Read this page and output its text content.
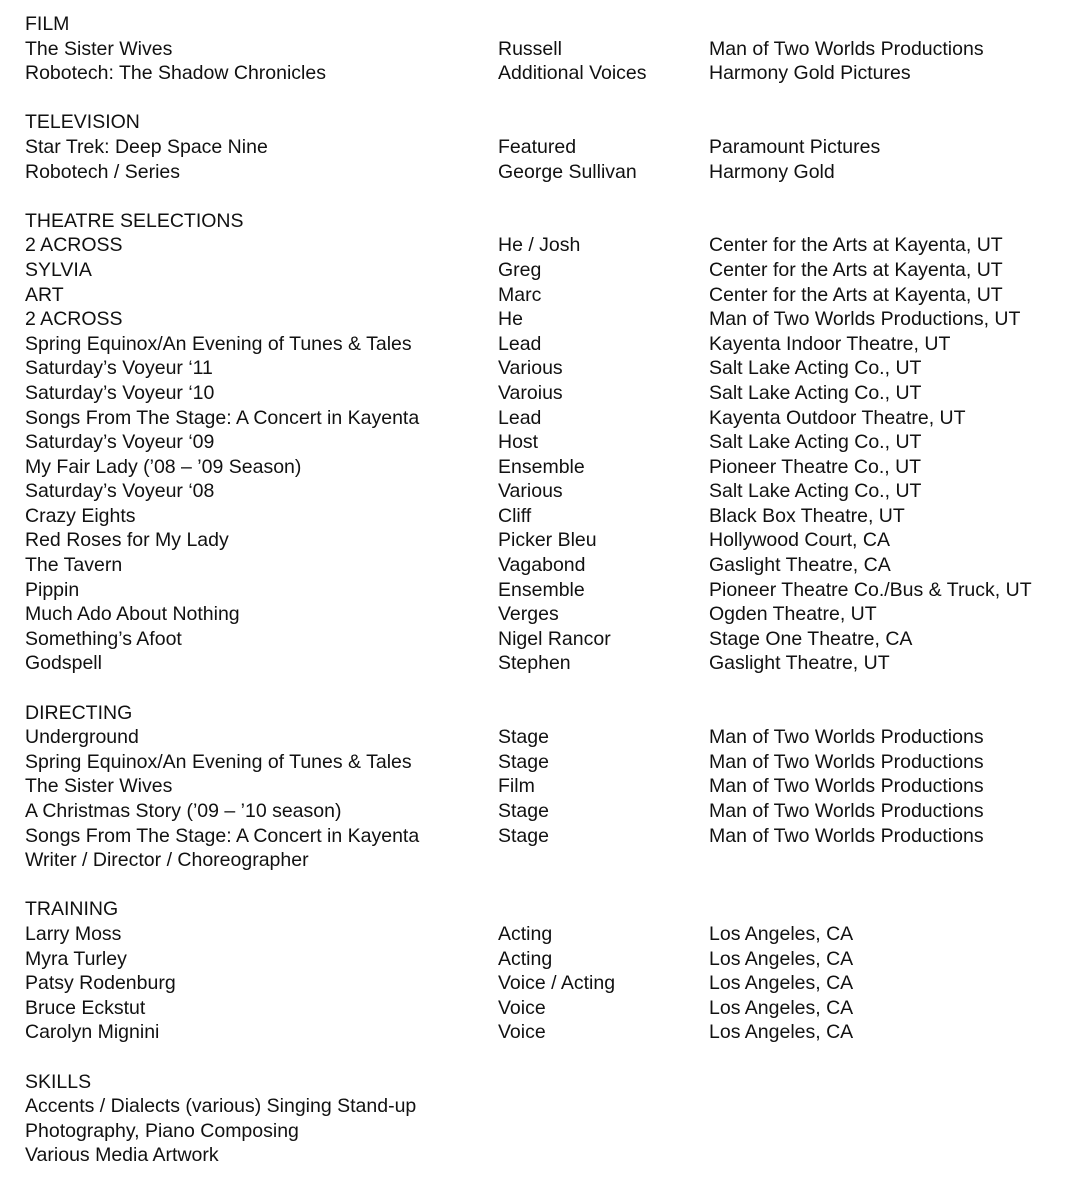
FILM
The Sister Wives	Russell	Man of Two Worlds Productions
Robotech: The Shadow Chronicles	Additional Voices	Harmony Gold Pictures
TELEVISION
Star Trek: Deep Space Nine	Featured	Paramount Pictures
Robotech / Series	George Sullivan	Harmony Gold
THEATRE SELECTIONS
2 ACROSS	He / Josh	Center for the Arts at Kayenta, UT
SYLVIA	Greg	Center for the Arts at Kayenta, UT
ART	Marc	Center for the Arts at Kayenta, UT
2 ACROSS	He	Man of Two Worlds Productions, UT
Spring Equinox/An Evening of Tunes & Tales	Lead	Kayenta Indoor Theatre, UT
Saturday’s Voyeur ‘11	Various	Salt Lake Acting Co., UT
Saturday’s Voyeur ‘10	Varoius	Salt Lake Acting Co., UT
Songs From The Stage: A Concert in Kayenta	Lead	Kayenta Outdoor Theatre, UT
Saturday’s Voyeur ‘09	Host	Salt Lake Acting Co., UT
My Fair Lady (’08 – ’09 Season)	Ensemble	Pioneer Theatre Co., UT
Saturday’s Voyeur ‘08	Various	Salt Lake Acting Co., UT
Crazy Eights	Cliff	Black Box Theatre, UT
Red Roses for My Lady	Picker Bleu	Hollywood Court, CA
The Tavern	Vagabond	Gaslight Theatre, CA
Pippin	Ensemble	Pioneer Theatre Co./Bus & Truck, UT
Much Ado About Nothing	Verges	Ogden Theatre, UT
Something’s Afoot	Nigel Rancor	Stage One Theatre, CA
Godspell	Stephen	Gaslight Theatre, UT
DIRECTING
Underground	Stage	Man of Two Worlds Productions
Spring Equinox/An Evening of Tunes & Tales	Stage	Man of Two Worlds Productions
The Sister Wives	Film	Man of Two Worlds Productions
A Christmas Story (’09 – ’10 season)	Stage	Man of Two Worlds Productions
Songs From The Stage: A Concert in Kayenta	Stage	Man of Two Worlds Productions
Writer / Director / Choreographer
TRAINING
Larry Moss	Acting	Los Angeles, CA
Myra Turley	Acting	Los Angeles, CA
Patsy Rodenburg	Voice / Acting	Los Angeles, CA
Bruce Eckstut	Voice	Los Angeles, CA
Carolyn Mignini	Voice	Los Angeles, CA
SKILLS
Accents / Dialects (various) Singing Stand-up
Photography, Piano Composing
Various Media Artwork
